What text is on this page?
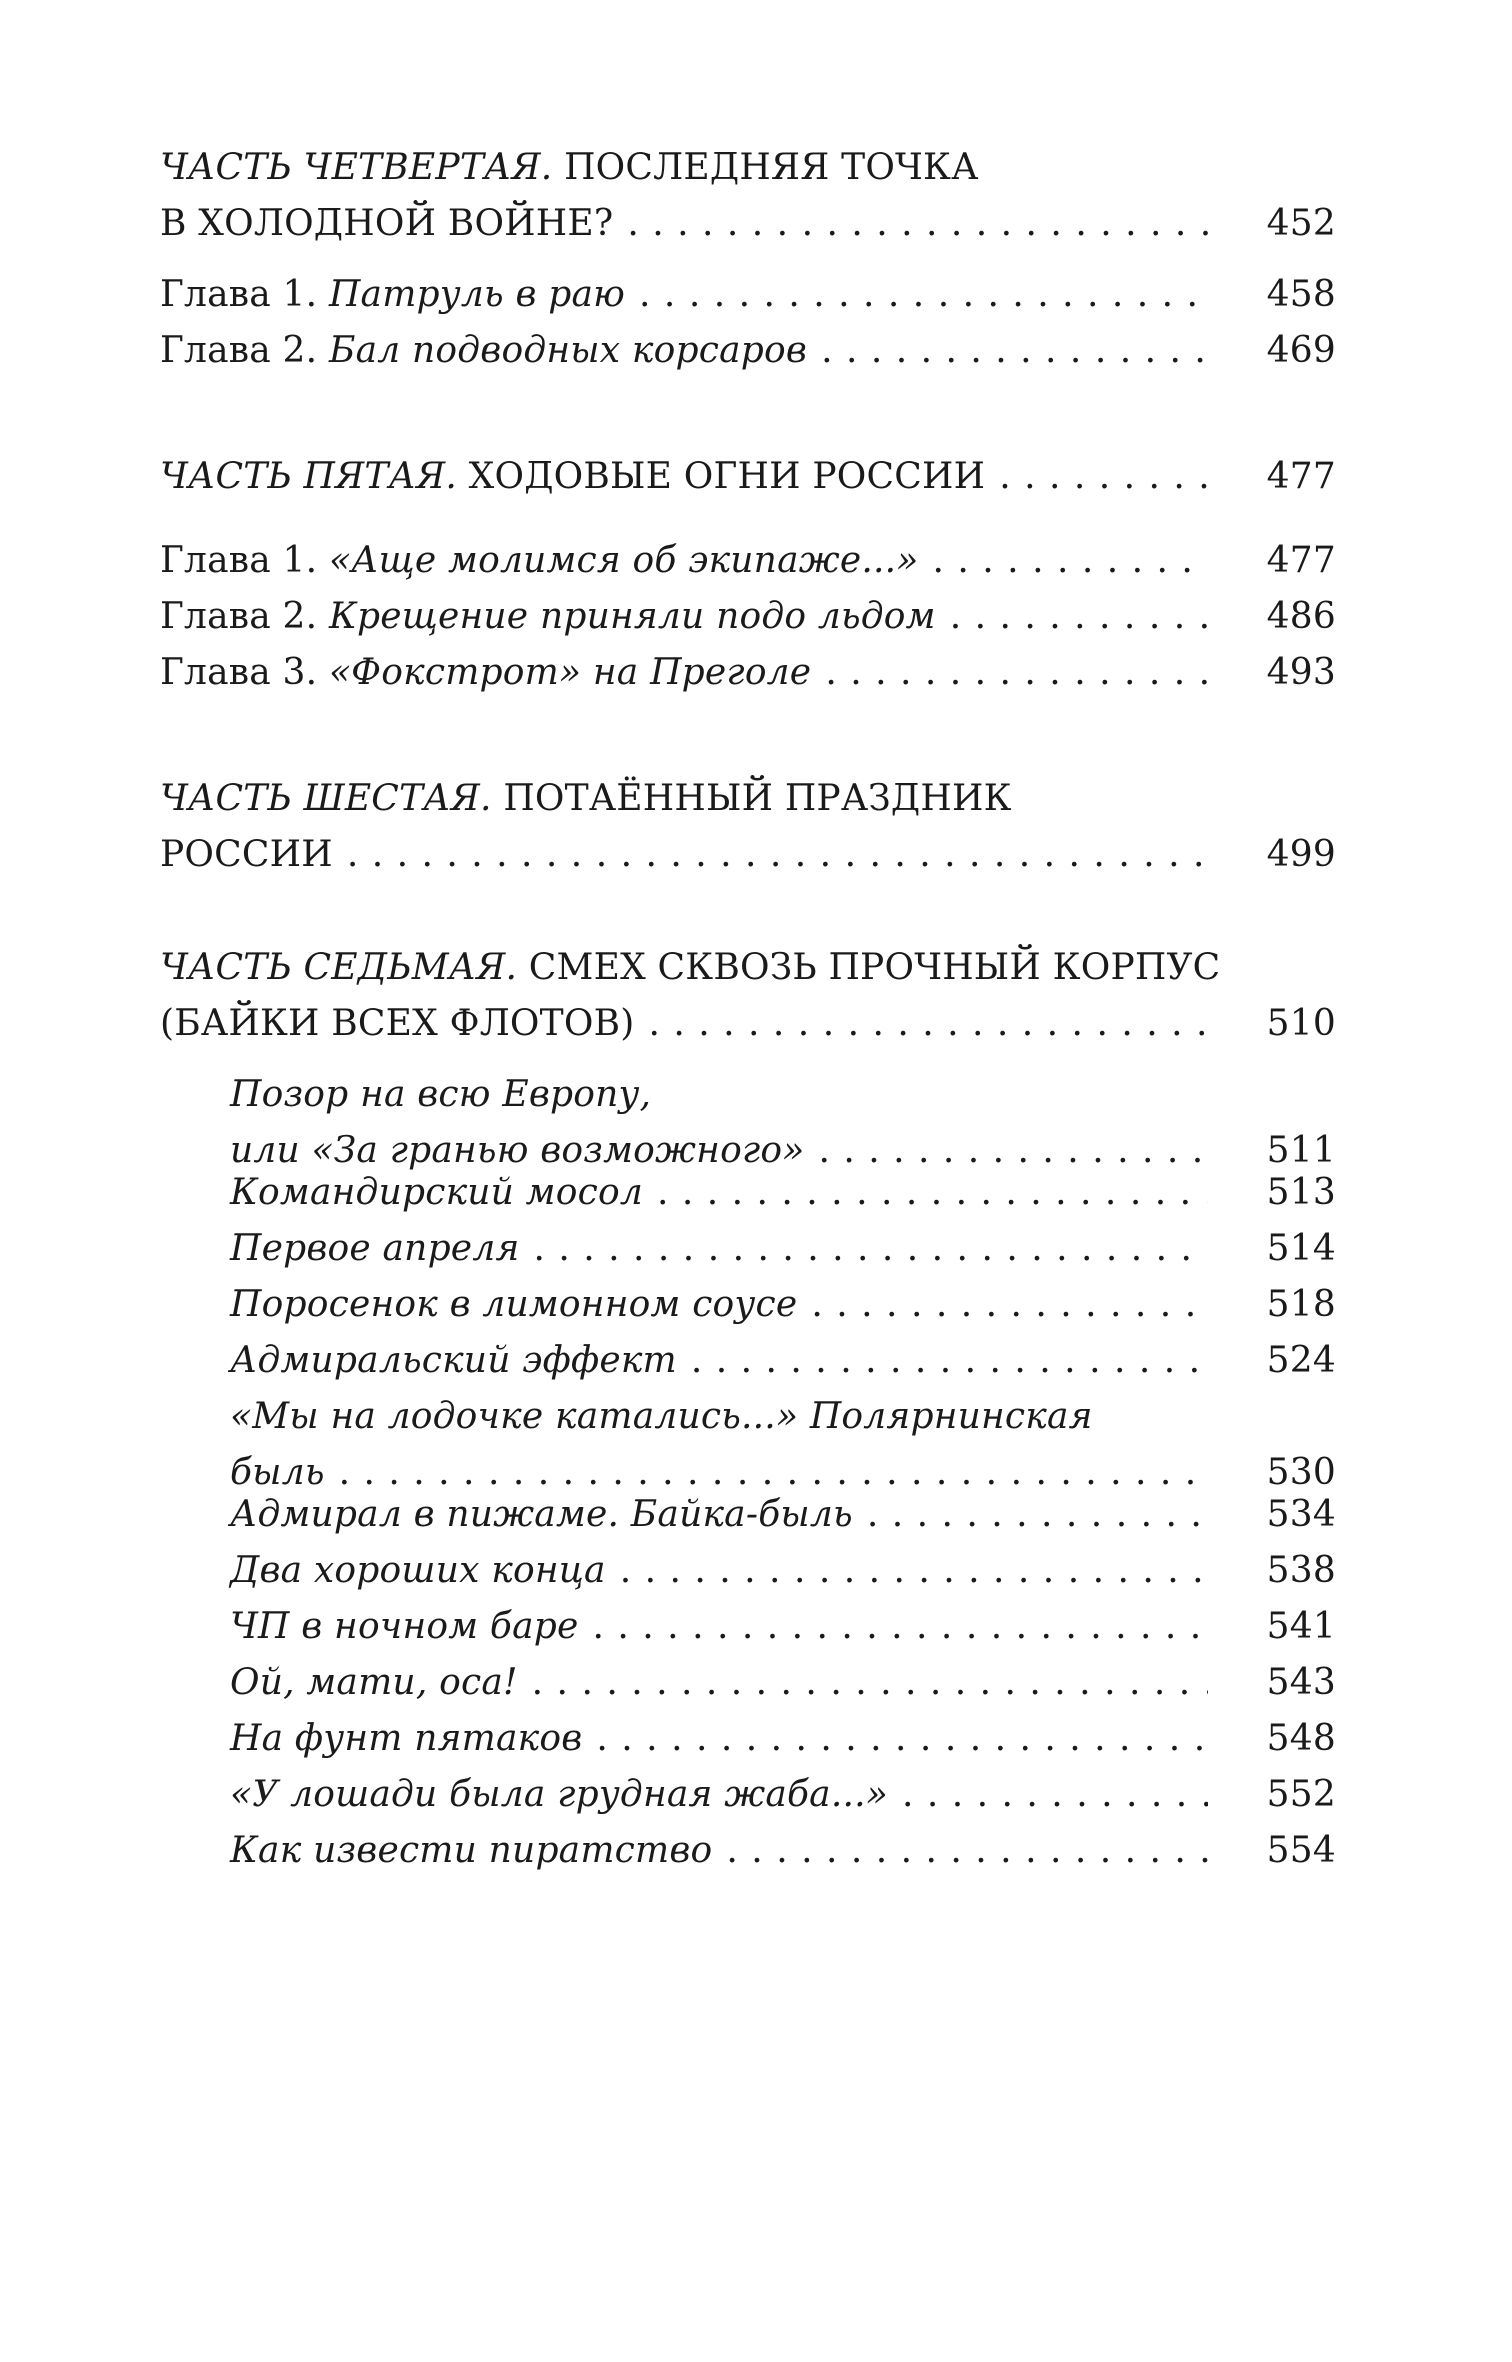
ЧАСТЬ ЧЕТВЕРТАЯ. ПОСЛЕДНЯЯ ТОЧКА
В ХОЛОДНОЙ ВОЙНЕ? . . .	452
Глава 1. Патруль в раю . . .	458
Глава 2. Бал подводных корсаров . . .	469
ЧАСТЬ ПЯТАЯ. ХОДОВЫЕ ОГНИ РОССИИ . . .	477
Глава 1. «Аще молимся об экипаже...» . . .	477
Глава 2. Крещение приняли подо льдом . . .	486
Глава 3. «Фокстрот» на Преголе . . .	493
ЧАСТЬ ШЕСТАЯ. ПОТАЁННЫЙ ПРАЗДНИК
РОССИИ . . .	499
ЧАСТЬ СЕДЬМАЯ. СМЕХ СКВОЗЬ ПРОЧНЫЙ КОРПУС
(БАЙКИ ВСЕХ ФЛОТОВ) . . .	510
Позор на всю Европу,
или «За гранью возможного» . . .	511
Командирский мосол . . .	513
Первое апреля . . .	514
Поросенок в лимонном соусе . . .	518
Адмиральский эффект . . .	524
«Мы на лодочке катались...» Полярнинская
быль . . .	530
Адмирал в пижаме. Байка-быль . . .	534
Два хороших конца . . .	538
ЧП в ночном баре . . .	541
Ой, мати, оса! . . .	543
На фунт пятаков . . .	548
«У лошади была грудная жаба...» . . .	552
Как извести пиратство . . .	554
